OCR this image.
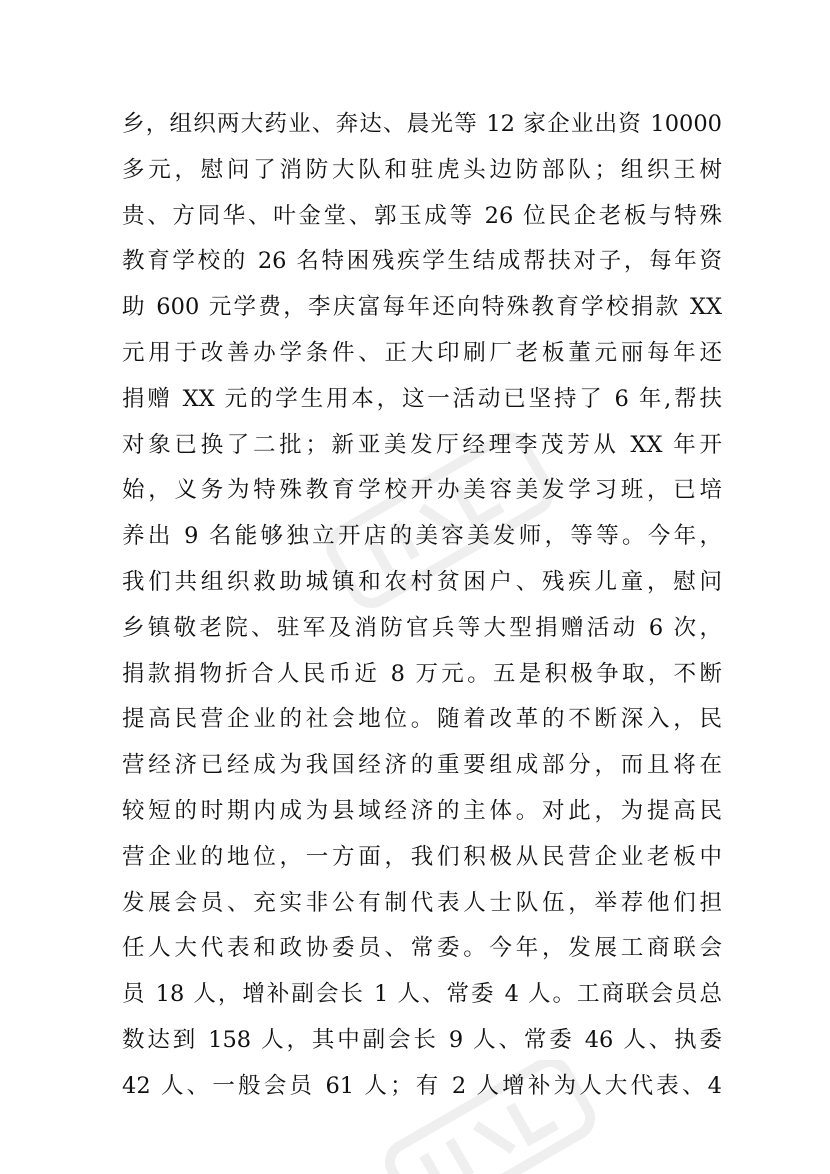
乡，组织两大药业、奔达、晨光等 12 家企业出资 10000
多元，慰问了消防大队和驻虎头边防部队；组织王树
贵、方同华、叶金堂、郭玉成等 26 位民企老板与特殊
教育学校的 26 名特困残疾学生结成帮扶对子，每年资
助 600 元学费，李庆富每年还向特殊教育学校捐款 XX
元用于改善办学条件、正大印刷厂老板董元丽每年还
捐赠 XX 元的学生用本，这一活动已坚持了 6 年,帮扶
对象已换了二批；新亚美发厅经理李茂芳从 XX 年开
始，义务为特殊教育学校开办美容美发学习班，已培
养出 9 名能够独立开店的美容美发师，等等。今年，
我们共组织救助城镇和农村贫困户、残疾儿童，慰问
乡镇敬老院、驻军及消防官兵等大型捐赠活动 6 次，
捐款捐物折合人民币近 8 万元。五是积极争取，不断
提高民营企业的社会地位。随着改革的不断深入，民
营经济已经成为我国经济的重要组成部分，而且将在
较短的时期内成为县域经济的主体。对此，为提高民
营企业的地位，一方面，我们积极从民营企业老板中
发展会员、充实非公有制代表人士队伍，举荐他们担
任人大代表和政协委员、常委。今年，发展工商联会
员 18 人，增补副会长 1 人、常委 4 人。工商联会员总
数达到 158 人，其中副会长 9 人、常委 46 人、执委
42 人、一般会员 61 人；有 2 人增补为人大代表、4
